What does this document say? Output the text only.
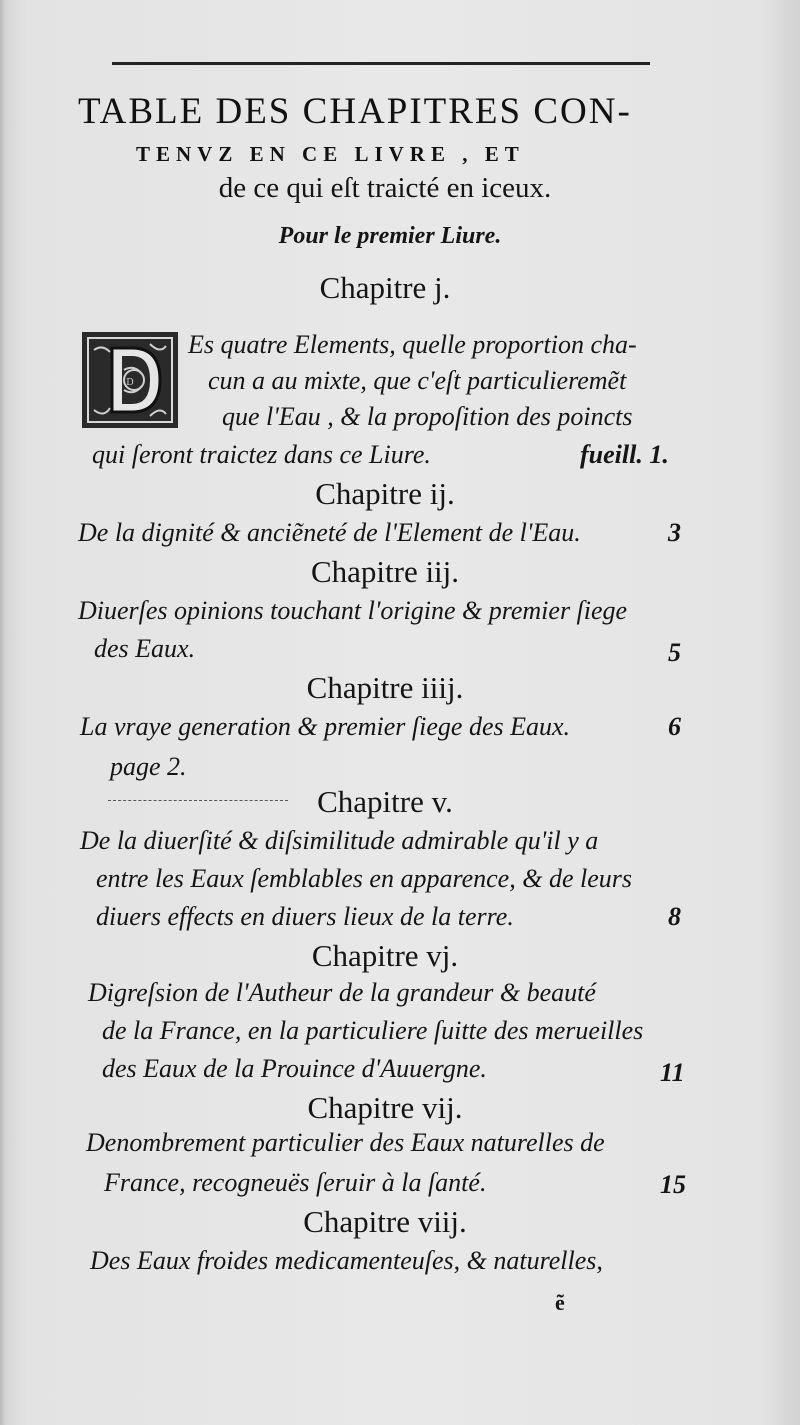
TABLE DES CHAPITRES CON-
TENVZ EN CE LIVRE , ET
de ce qui eſt traicté en iceux.
Pour le premier Liure.
Chapitre j.
D
Es quatre Elements, quelle proportion cha-
cun a au mixte, que c'eſt particulieremẽt
que l'Eau , & la propoſition des poincts
qui ſeront traictez dans ce Liure.	fueill. 1.
Chapitre ij.
De la dignité & anciẽneté de l'Element de l'Eau.	3
Chapitre iij.
Diuerſes opinions touchant l'origine & premier ſiege
des Eaux.	5
Chapitre iiij.
La vraye generation & premier ſiege des Eaux.	6
page 2.
Chapitre v.
De la diuerſité & diſsimilitude admirable qu'il y a
entre les Eaux ſemblables en apparence, & de leurs
diuers effects en diuers lieux de la terre.	8
Chapitre vj.
Digreſsion de l'Autheur de la grandeur & beauté
de la France, en la particuliere ſuitte des merueilles
des Eaux de la Prouince d'Auuergne.	11
Chapitre vij.
Denombrement particulier des Eaux naturelles de
France, recogneuës ſeruir à la ſanté.	15
Chapitre viij.
Des Eaux froides medicamenteuſes, & naturelles,
ẽ
